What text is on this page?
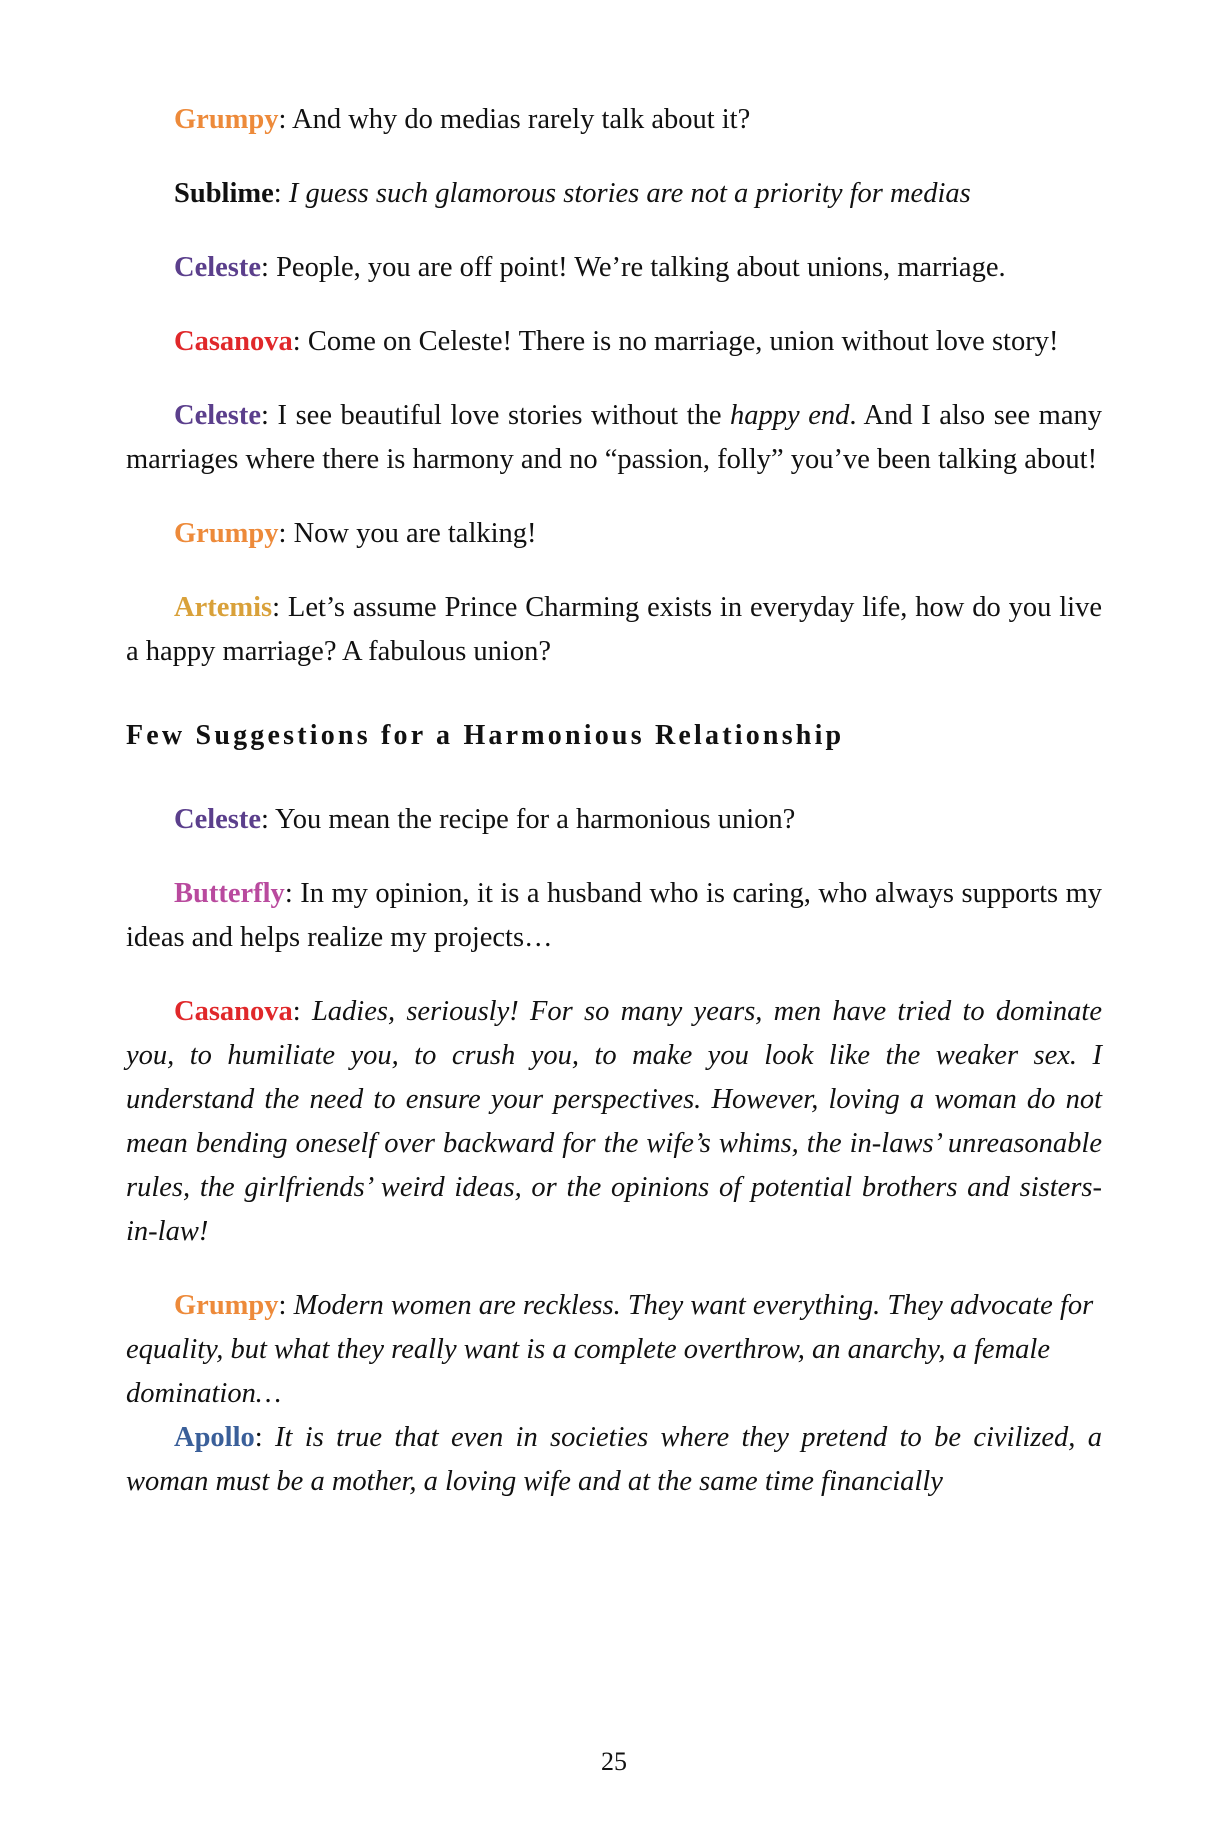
Grumpy: And why do medias rarely talk about it?

Sublime: I guess such glamorous stories are not a priority for medias

Celeste: People, you are off point! We’re talking about unions, marriage.

Casanova: Come on Celeste! There is no marriage, union without love story!

Celeste: I see beautiful love stories without the happy end. And I also see many marriages where there is harmony and no “passion, folly” you’ve been talking about!

Grumpy: Now you are talking!

Artemis: Let’s assume Prince Charming exists in everyday life, how do you live a happy marriage? A fabulous union?

Few Suggestions for a Harmonious Relationship

Celeste: You mean the recipe for a harmonious union?

Butterfly: In my opinion, it is a husband who is caring, who always supports my ideas and helps realize my projects…

Casanova: Ladies, seriously! For so many years, men have tried to dominate you, to humiliate you, to crush you, to make you look like the weaker sex. I understand the need to ensure your perspectives. However, loving a woman do not mean bending oneself over backward for the wife’s whims, the in-laws’ unreasonable rules, the girlfriends’ weird ideas, or the opinions of potential brothers and sisters-in-law!

Grumpy: Modern women are reckless. They want everything. They advocate for equality, but what they really want is a complete overthrow, an anarchy, a female domination…

Apollo: It is true that even in societies where they pretend to be civilized, a woman must be a mother, a loving wife and at the same time financially

25
